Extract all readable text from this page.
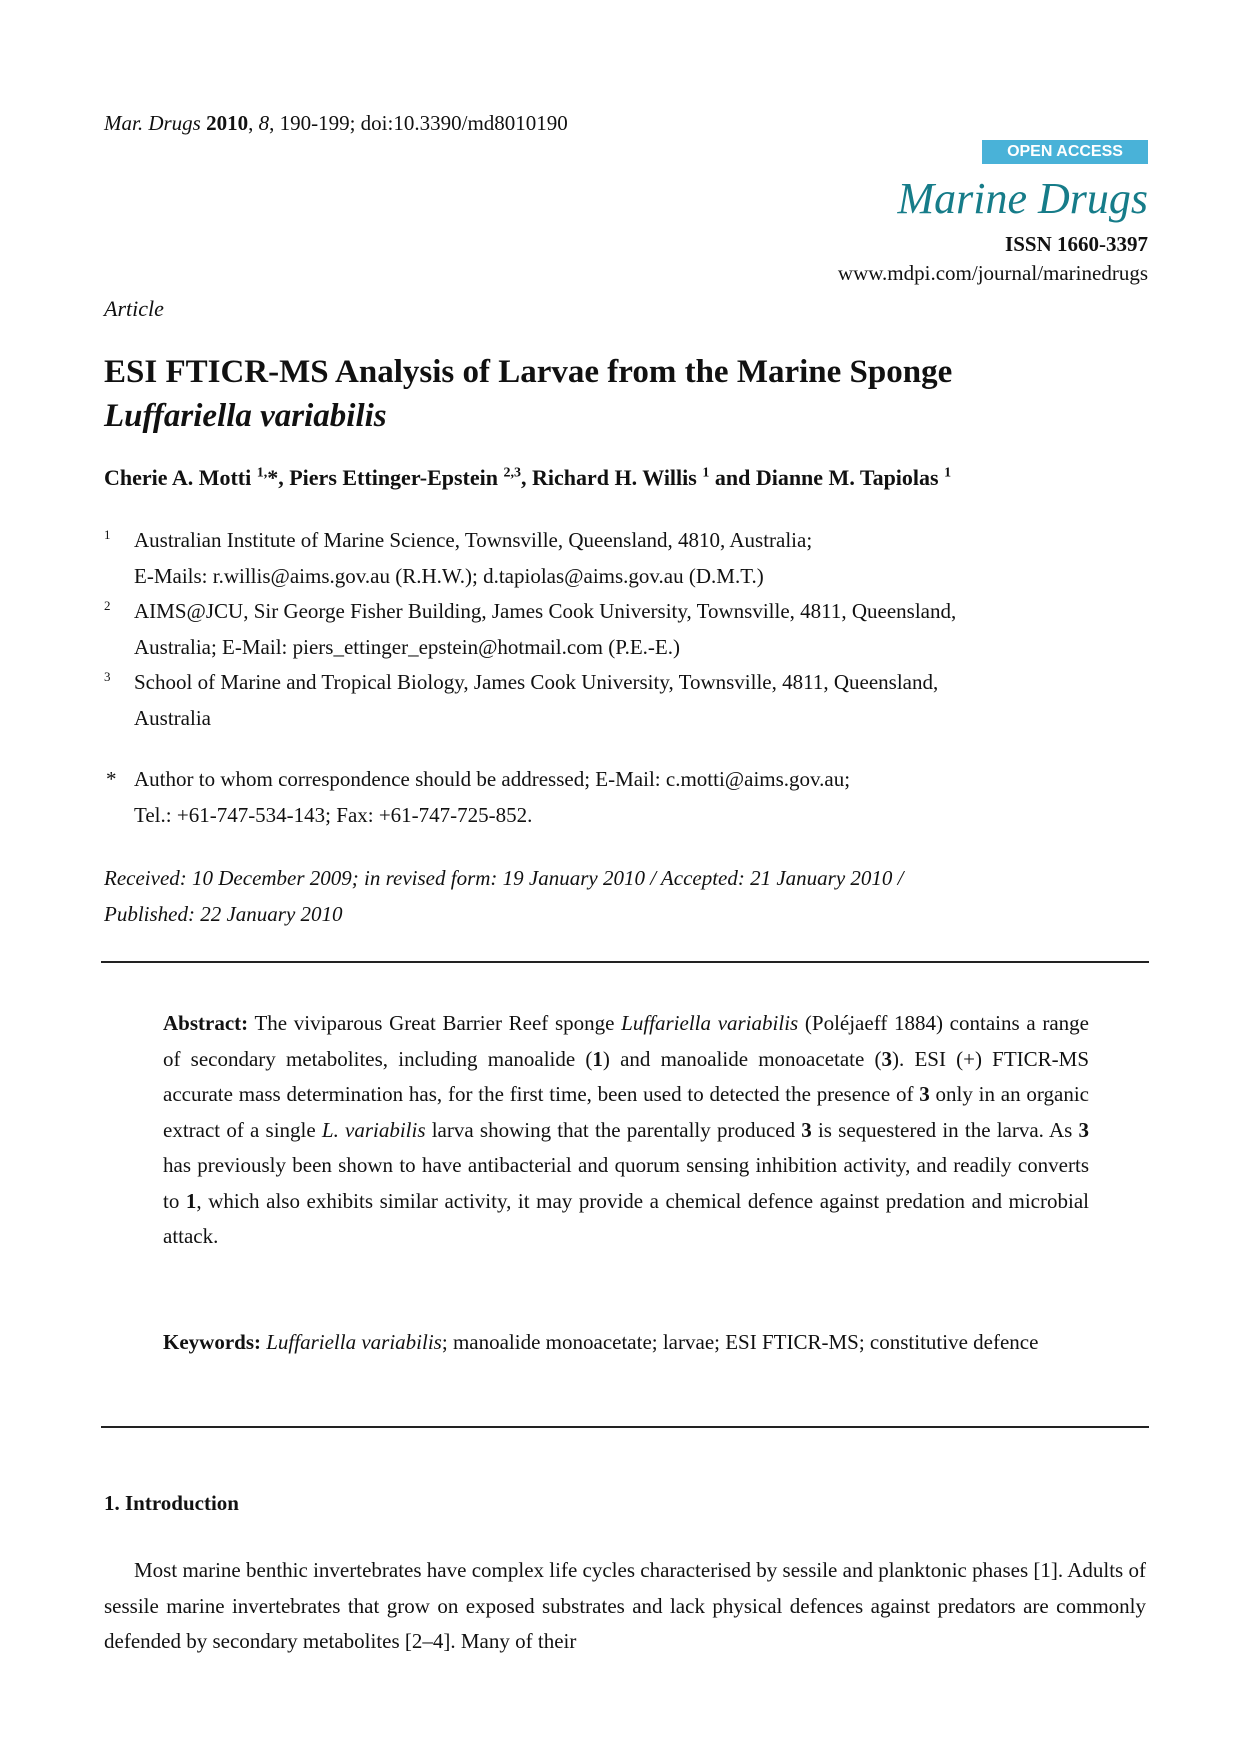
Mar. Drugs 2010, 8, 190-199; doi:10.3390/md8010190
OPEN ACCESS
Marine Drugs
ISSN 1660-3397
www.mdpi.com/journal/marinedrugs
Article
ESI FTICR-MS Analysis of Larvae from the Marine Sponge
Luffariella variabilis
Cherie A. Motti $^{1,}$*, Piers Ettinger-Epstein $^{2,3}$, Richard H. Willis $^1$ and Dianne M. Tapiolas $^1$
1 Australian Institute of Marine Science, Townsville, Queensland, 4810, Australia;
E-Mails: r.willis@aims.gov.au (R.H.W.); d.tapiolas@aims.gov.au (D.M.T.)
2 AIMS@JCU, Sir George Fisher Building, James Cook University, Townsville, 4811, Queensland,
Australia; E-Mail: piers_ettinger_epstein@hotmail.com (P.E.-E.)
3 School of Marine and Tropical Biology, James Cook University, Townsville, 4811, Queensland,
Australia
* Author to whom correspondence should be addressed; E-Mail: c.motti@aims.gov.au;
Tel.: +61-747-534-143; Fax: +61-747-725-852.
Received: 10 December 2009; in revised form: 19 January 2010 / Accepted: 21 January 2010 /
Published: 22 January 2010
Abstract: The viviparous Great Barrier Reef sponge Luffariella variabilis (Poléjaeff 1884) contains a range of secondary metabolites, including manoalide (1) and manoalide monoacetate (3). ESI (+) FTICR-MS accurate mass determination has, for the first time, been used to detected the presence of 3 only in an organic extract of a single L. variabilis larva showing that the parentally produced 3 is sequestered in the larva. As 3 has previously been shown to have antibacterial and quorum sensing inhibition activity, and readily converts to 1, which also exhibits similar activity, it may provide a chemical defence against predation and microbial attack.
Keywords: Luffariella variabilis; manoalide monoacetate; larvae; ESI FTICR-MS; constitutive defence
1. Introduction

Most marine benthic invertebrates have complex life cycles characterised by sessile and planktonic phases [1]. Adults of sessile marine invertebrates that grow on exposed substrates and lack physical defences against predators are commonly defended by secondary metabolites [2–4]. Many of their
